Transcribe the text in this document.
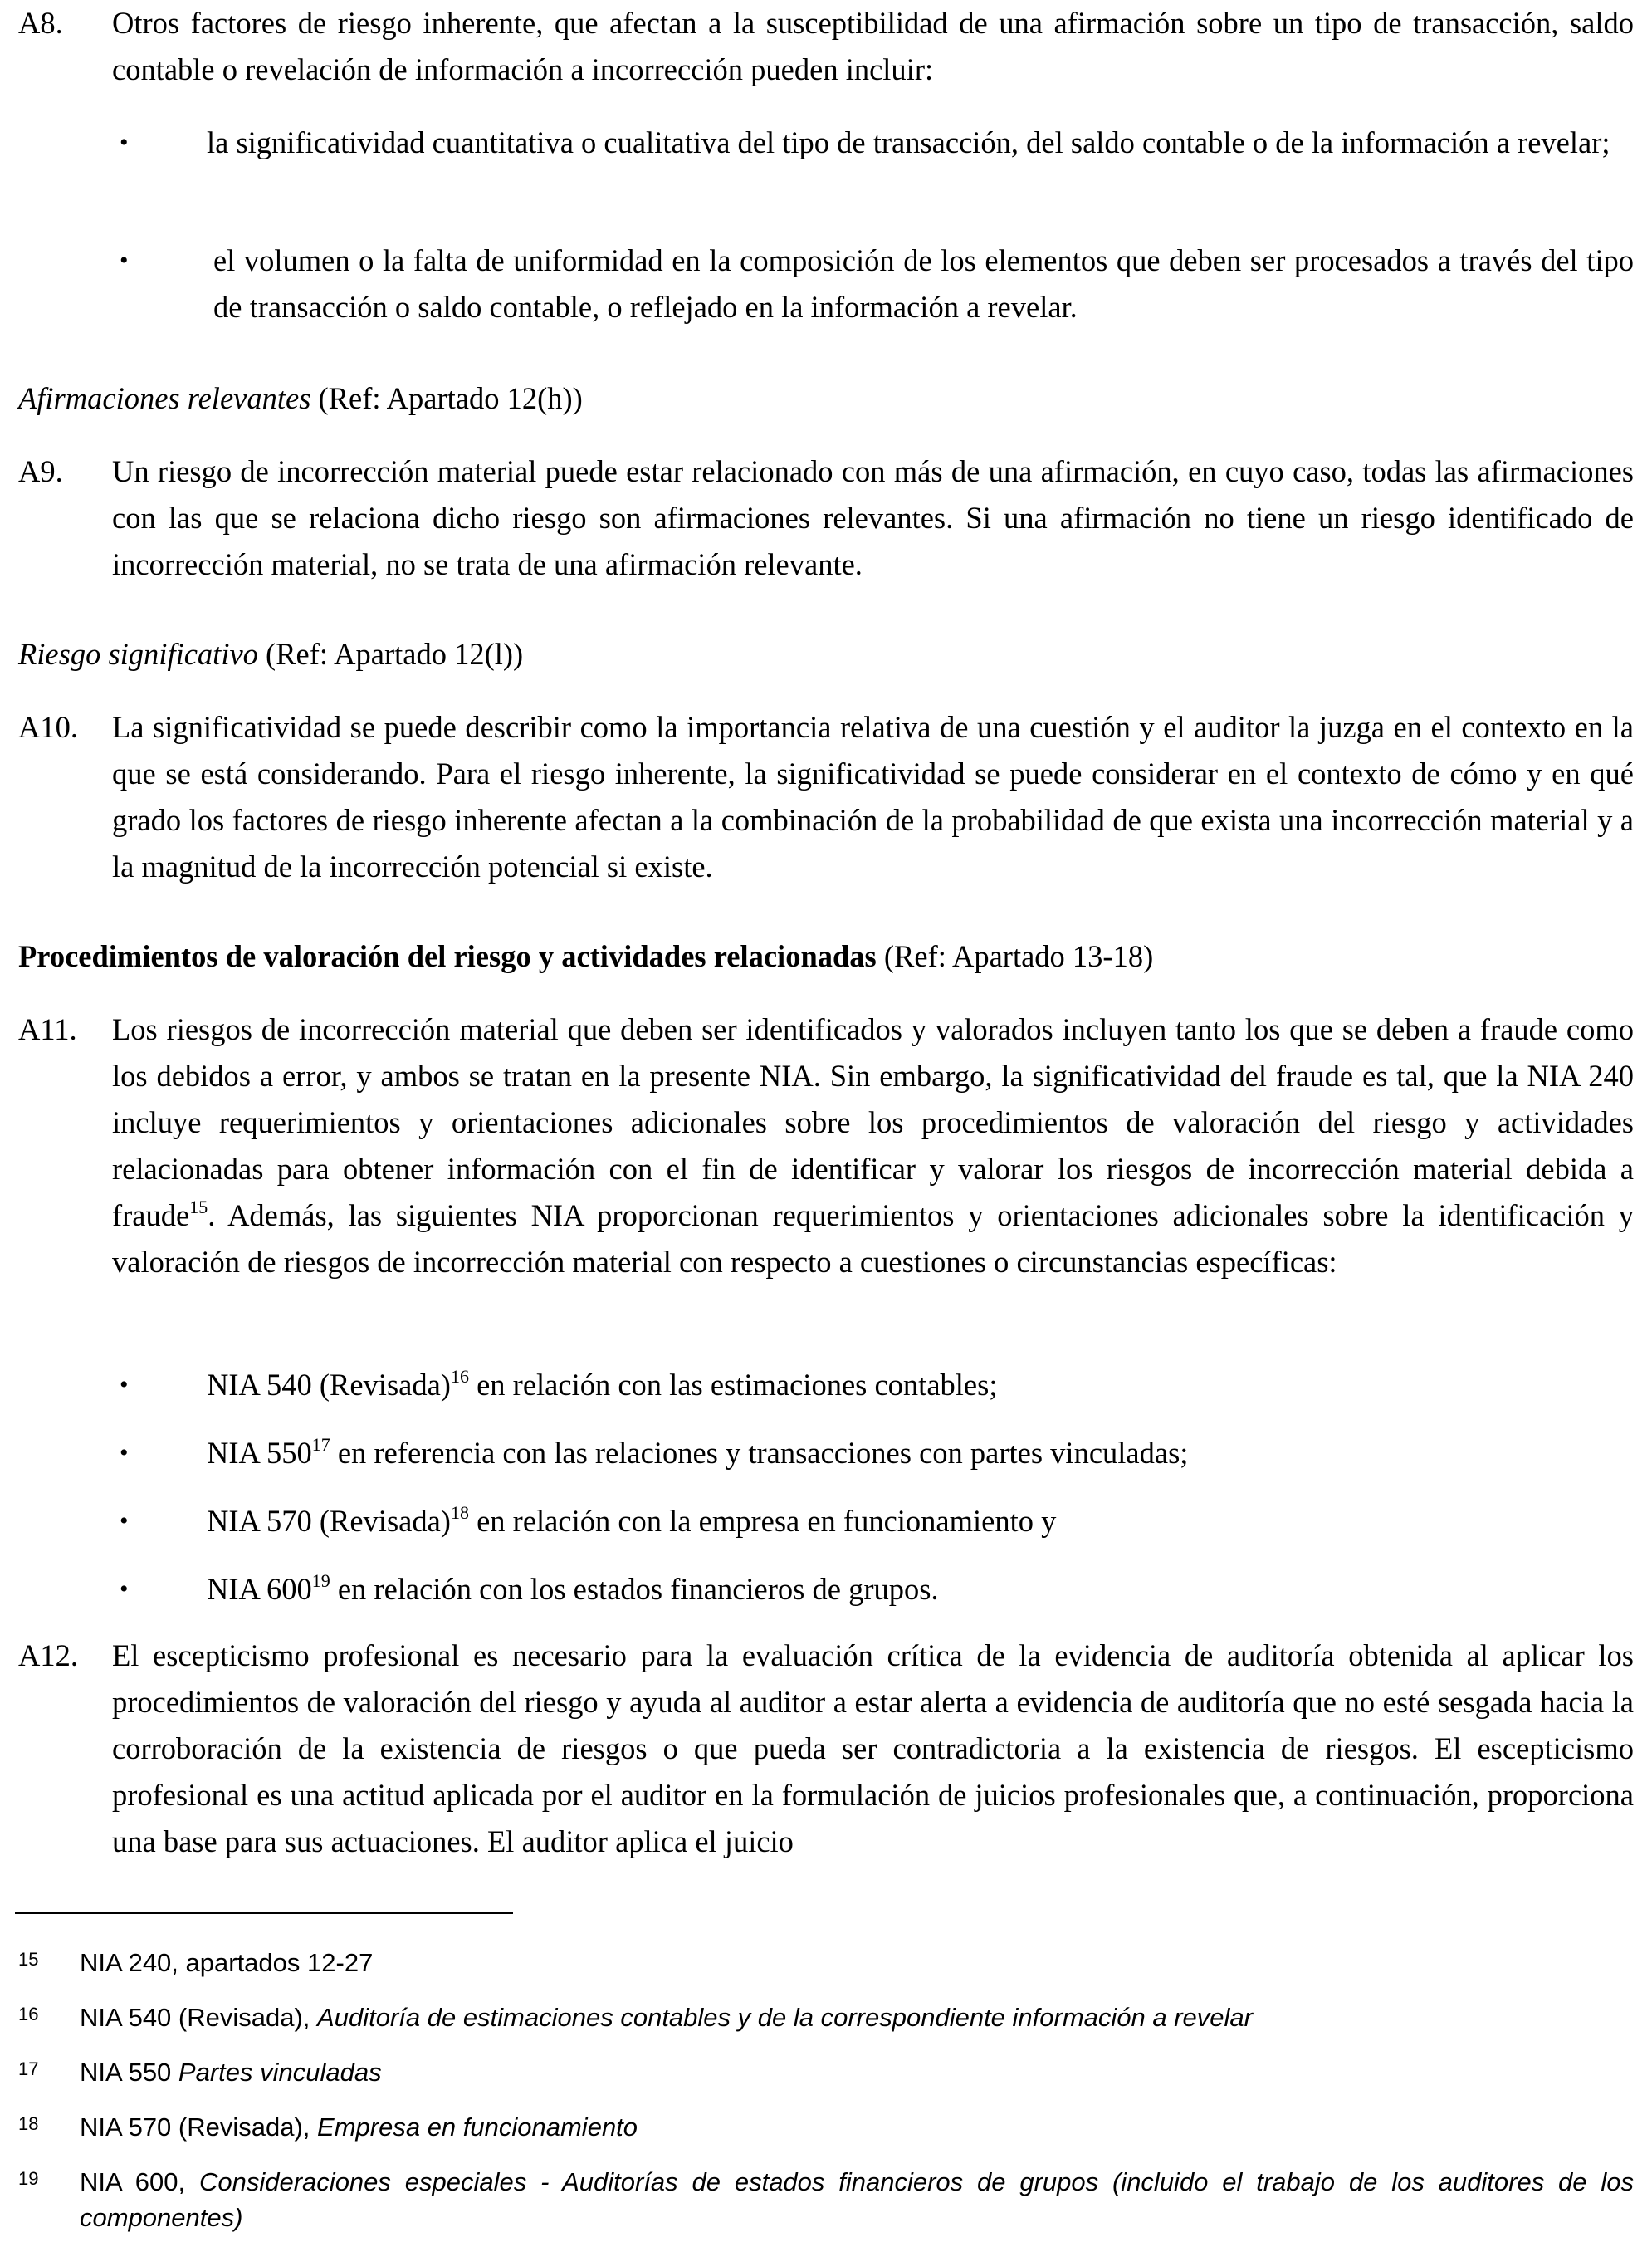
A8. Otros factores de riesgo inherente, que afectan a la susceptibilidad de una afirmación sobre un tipo de transacción, saldo contable o revelación de información a incorrección pueden incluir:
•	la significatividad cuantitativa o cualitativa del tipo de transacción, del saldo contable o de la información a revelar;
•	el volumen o la falta de uniformidad en la composición de los elementos que deben ser procesados a través del tipo de transacción o saldo contable, o reflejado en la información a revelar.
Afirmaciones relevantes (Ref: Apartado 12(h))
A9. Un riesgo de incorrección material puede estar relacionado con más de una afirmación, en cuyo caso, todas las afirmaciones con las que se relaciona dicho riesgo son afirmaciones relevantes. Si una afirmación no tiene un riesgo identificado de incorrección material, no se trata de una afirmación relevante.
Riesgo significativo (Ref: Apartado 12(l))
A10. La significatividad se puede describir como la importancia relativa de una cuestión y el auditor la juzga en el contexto en la que se está considerando. Para el riesgo inherente, la significatividad se puede considerar en el contexto de cómo y en qué grado los factores de riesgo inherente afectan a la combinación de la probabilidad de que exista una incorrección material y a la magnitud de la incorrección potencial si existe.
Procedimientos de valoración del riesgo y actividades relacionadas (Ref: Apartado 13-18)
A11. Los riesgos de incorrección material que deben ser identificados y valorados incluyen tanto los que se deben a fraude como los debidos a error, y ambos se tratan en la presente NIA. Sin embargo, la significatividad del fraude es tal, que la NIA 240 incluye requerimientos y orientaciones adicionales sobre los procedimientos de valoración del riesgo y actividades relacionadas para obtener información con el fin de identificar y valorar los riesgos de incorrección material debida a fraude$^{15}$. Además, las siguientes NIA proporcionan requerimientos y orientaciones adicionales sobre la identificación y valoración de riesgos de incorrección material con respecto a cuestiones o circunstancias específicas:
•	NIA 540 (Revisada)$^{16}$ en relación con las estimaciones contables;
•	NIA $550^{17}$ en referencia con las relaciones y transacciones con partes vinculadas;
•	NIA 570 (Revisada)$^{18}$ en relación con la empresa en funcionamiento y
•	NIA $600^{19}$ en relación con los estados financieros de grupos.
A12. El escepticismo profesional es necesario para la evaluación crítica de la evidencia de auditoría obtenida al aplicar los procedimientos de valoración del riesgo y ayuda al auditor a estar alerta a evidencia de auditoría que no esté sesgada hacia la corroboración de la existencia de riesgos o que pueda ser contradictoria a la existencia de riesgos. El escepticismo profesional es una actitud aplicada por el auditor en la formulación de juicios profesionales que, a continuación, proporciona una base para sus actuaciones. El auditor aplica el juicio
15 NIA 240, apartados 12-27
16 NIA 540 (Revisada), Auditoría de estimaciones contables y de la correspondiente información a revelar
17 NIA 550 Partes vinculadas
18 NIA 570 (Revisada), Empresa en funcionamiento
19 NIA 600, Consideraciones especiales - Auditorías de estados financieros de grupos (incluido el trabajo de los auditores de los componentes)
